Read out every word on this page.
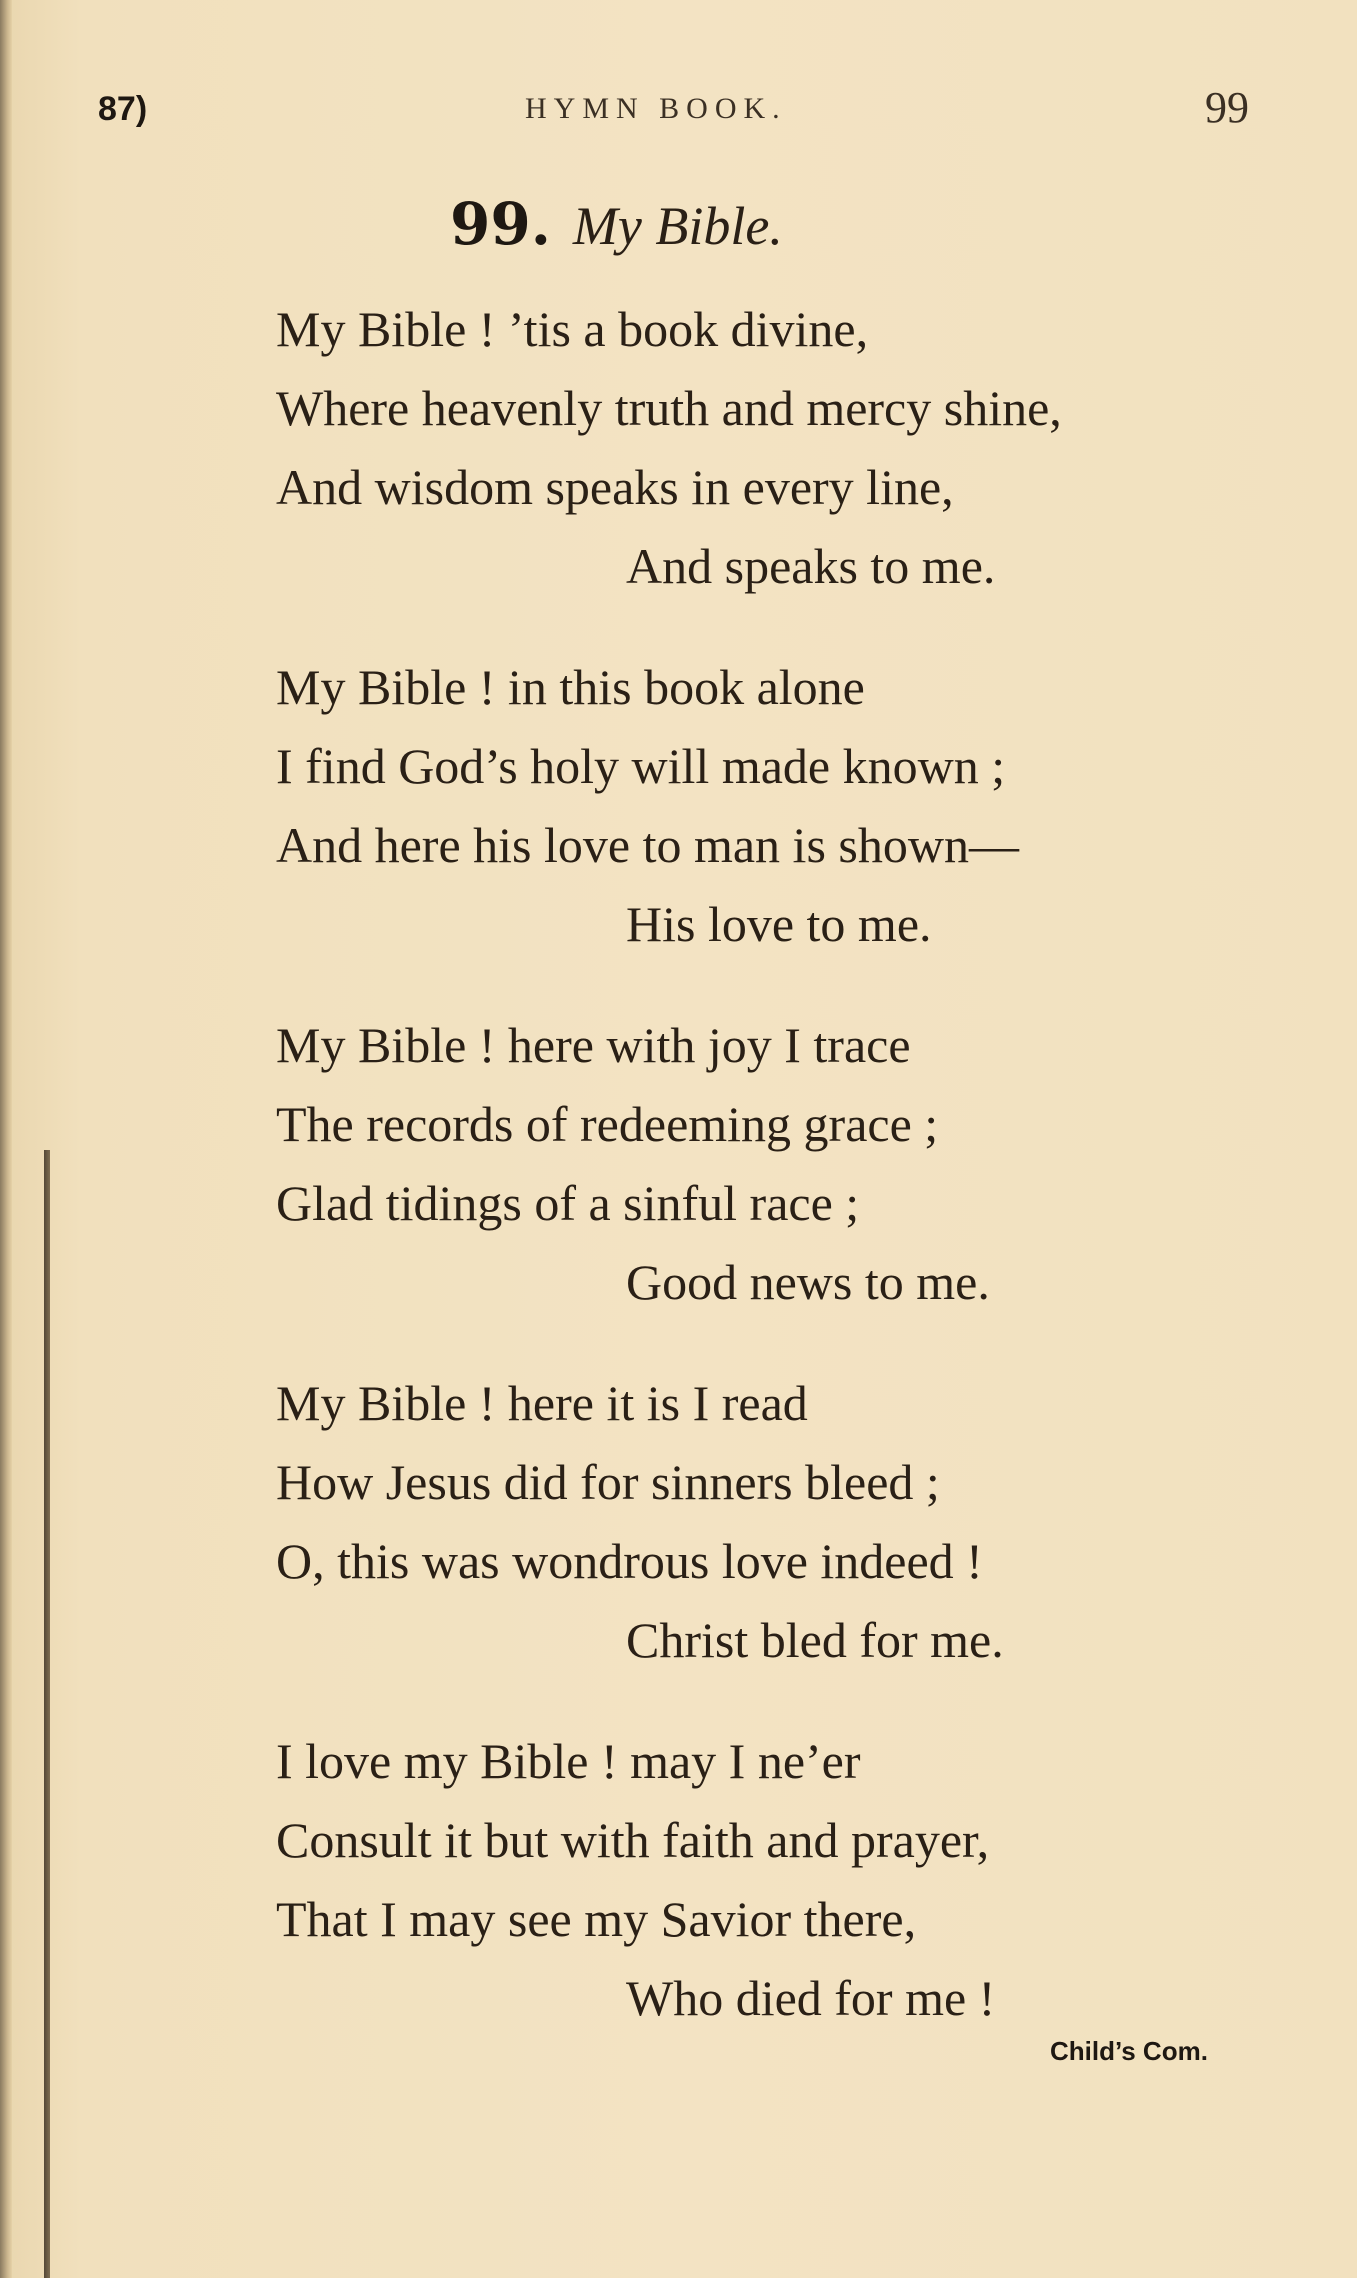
87)	HYMN BOOK.	99
99. My Bible.
My Bible ! ’tis a book divine,
Where heavenly truth and mercy shine,
And wisdom speaks in every line,
And speaks to me.
My Bible ! in this book alone
I find God’s holy will made known ;
And here his love to man is shown—
His love to me.
My Bible ! here with joy I trace
The records of redeeming grace ;
Glad tidings of a sinful race ;
Good news to me.
My Bible ! here it is I read
How Jesus did for sinners bleed ;
O, this was wondrous love indeed !
Christ bled for me.
I love my Bible ! may I ne’er
Consult it but with faith and prayer,
That I may see my Savior there,
Who died for me !
Child’s Com.
